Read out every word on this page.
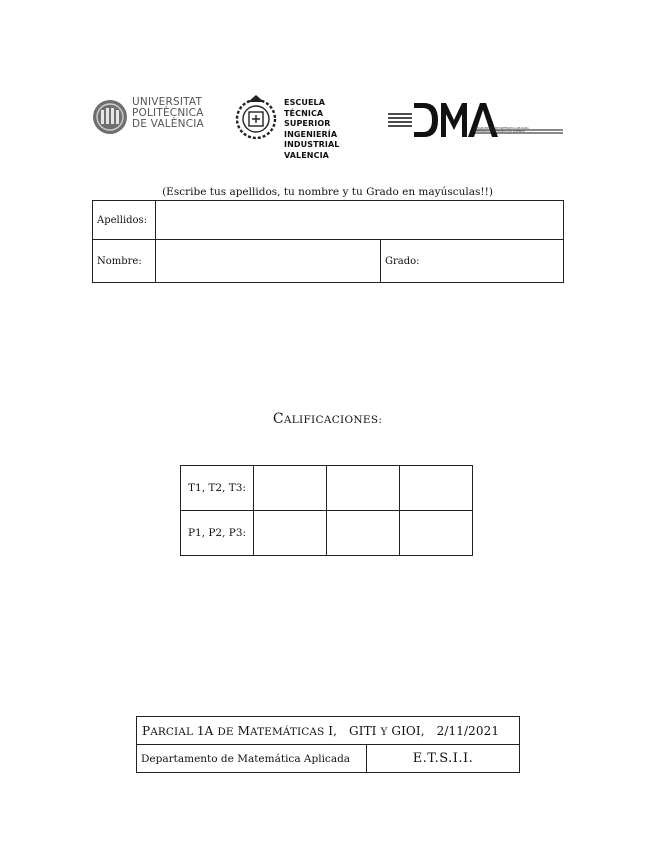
UNIVERSITAT
POLITÈCNICA
DE VALÈNCIA
ESCUELA TÉCNICA
SUPERIOR INGENIERÍA
INDUSTRIAL VALENCIA
DEPARTAMENTO DE MATEMÁTICA APLICADA
UNIVERSITAT POLITÈCNICA DE VALÈNCIA
(Escribe tus apellidos, tu nombre y tu Grado en mayúsculas!!)
Apellidos:		
Nombre:		Grado:
CALIFICACIONES:
T1, T2, T3:			
P1, P2, P3:			
PARCIAL 1A DE MATEMÁTICAS I, GITI Y GIOI, 2/11/2021
Departamento de Matemática Aplicada	E.T.S.I.I.
